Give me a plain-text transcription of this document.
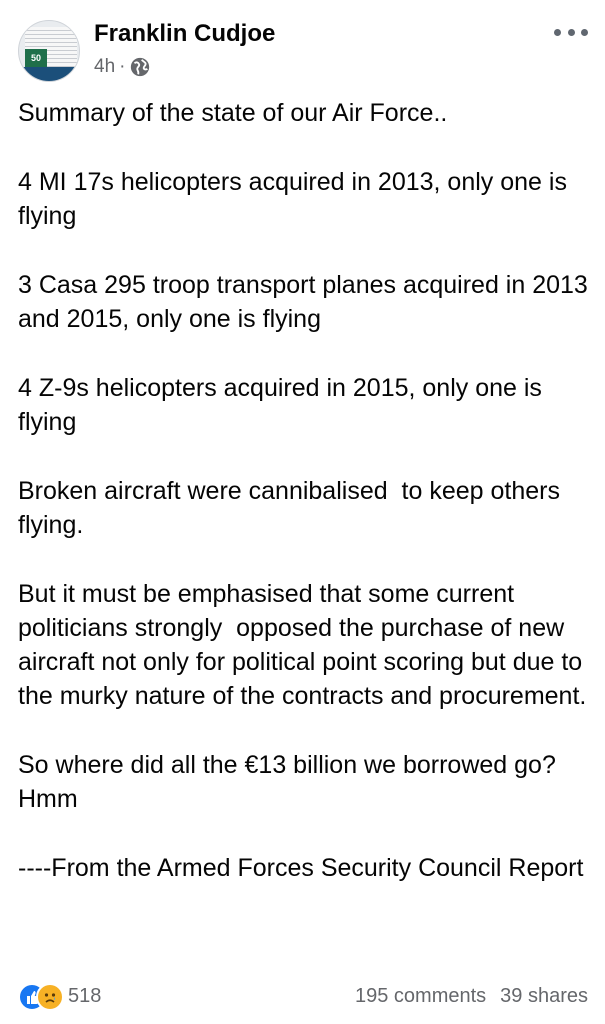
50
Franklin Cudjoe
4h ·

Summary of the state of our Air Force..

4 MI 17s helicopters acquired in 2013, only one is flying

3 Casa 295 troop transport planes acquired in 2013 and 2015, only one is flying

4 Z-9s helicopters acquired in 2015, only one is flying

Broken aircraft were cannibalised  to keep others flying.

But it must be emphasised that some current politicians strongly  opposed the purchase of new aircraft not only for political point scoring but due to the murky nature of the contracts and procurement.

So where did all the €13 billion we borrowed go?  Hmm

----From the Armed Forces Security Council Report

518	195 comments 39 shares
